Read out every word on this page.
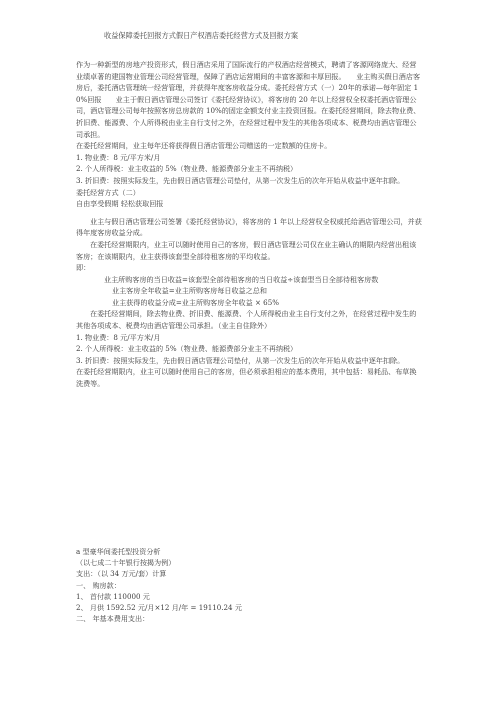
收益保障委托回报方式假日产权酒店委托经营方式及回报方案

作为一种新型的房地产投资形式，假日酒店采用了国际流行的产权酒店经营模式，聘请了客源网络庞大、经营业绩卓著的建国物业管理公司经营管理，保障了酒店运营期间的丰富客源和丰厚回报。　　业主购买假日酒店客房后，委托酒店管理统一经营管理，并获得年度客房收益分成。委托经营方式（一）20年的承诺—每年固定 10%回报　　业主于假日酒店管理公司签订《委托经营协议》，将客房的 20 年以上经营权全权委托酒店管理公司，酒店管理公司每年按照客房总房款的 10%的固定金额支付业主投资回报。在委托经营期间，除去物业费、折旧费、能源费、个人所得税由业主自行支付之外，在经营过程中发生的其他各项成本、税费均由酒店管理公司承担。

在委托经营期间，业主每年还将获得假日酒店管理公司赠送的一定数额的住房卡。

1. 物业费：8 元/平方米/月

2. 个人所得税：业主收益的 5%（物业费、能源费部分业主不再纳税）

3. 折旧费：按照实际发生，先由假日酒店管理公司垫付，从第一次发生后的次年开始从收益中逐年扣除。

委托经营方式（二）

自由享受假期 轻松获取回报

业主与假日酒店管理公司签署《委托经营协议》，将客房的 1 年以上经营权全权威托给酒店管理公司，并获得年度客房收益分成。

在委托经营期限内，业主可以随时使用自己的客房，假日酒店管理公司仅在业主确认的期限内经营出租该客房；在该期限内，业主获得该套型全部待租客房的平均收益。

即：

业主所购客房的当日收益=该套型全部待租客房的当日收益÷该套型当日全部待租客房数

业主客房全年收益=业主所购客房每日收益之总和

业主获得的收益分成=业主所购客房全年收益 × 65%

在委托经营期间，除去物业费、折旧费、能源费、个人所得税由业主自行支付之外，在经营过程中发生的其他各项成本、税费均由酒店管理公司承担。（业主自住除外）

1. 物业费：8 元/平方米/月

2. 个人所得税：业主收益的 5%（物业费、能源费部分业主不再纳税）

3. 折旧费：按照实际发生，先由假日酒店管理公司垫付，从第一次发生后的次年开始从收益中逐年扣除。

在委托经营期限内，业主可以随时使用自己的客房，但必须承担相应的基本费用，其中包括：易耗品、布草换洗费等。

a 型豪华间委托型投资分析

（以七成二十年银行按揭为例）

支出：（以 34 万元/套）计算

一、 购房款：

1、 首付款 110000 元

2、 月供 1592.52 元/月×12 月/年 = 19110.24 元

二、 年基本费用支出：
